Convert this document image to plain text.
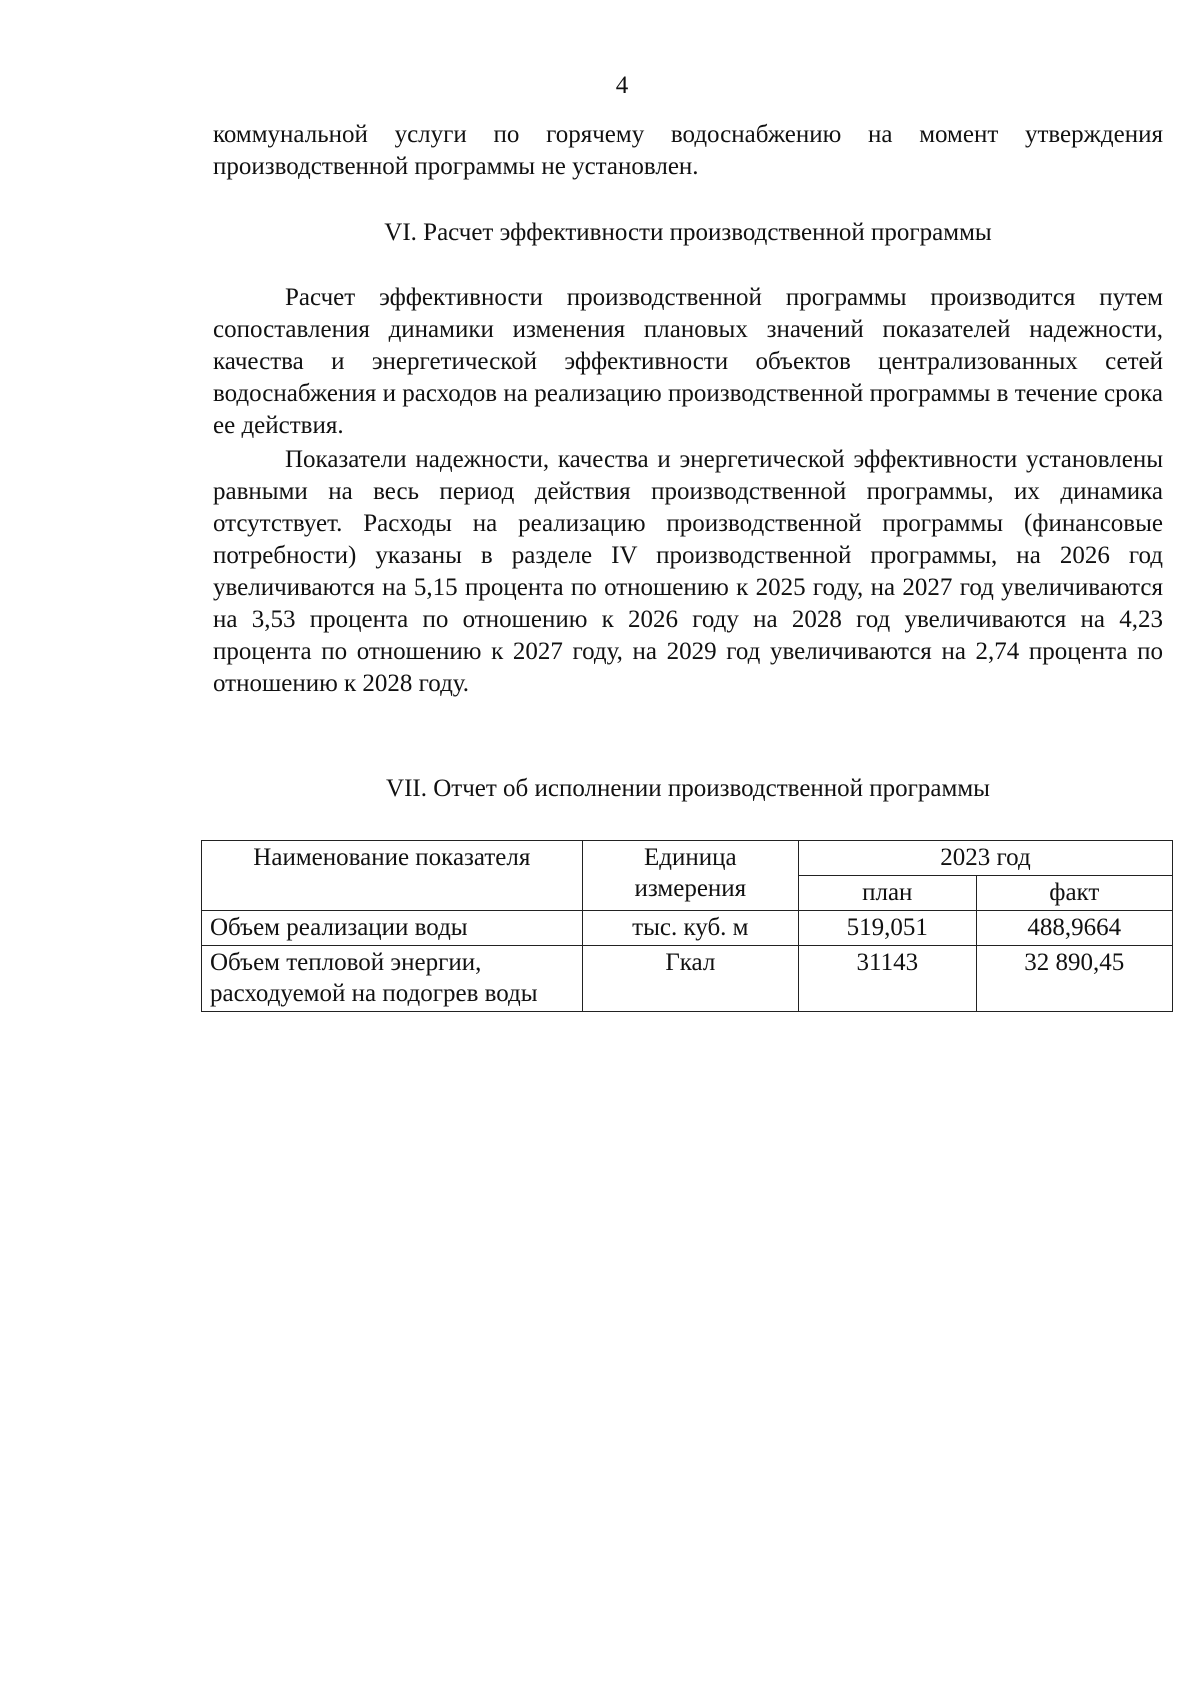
4

коммунальной услуги по горячему водоснабжению на момент утверждения производственной программы не установлен.

VI. Расчет эффективности производственной программы

Расчет эффективности производственной программы производится путем сопоставления динамики изменения плановых значений показателей надежности, качества и энергетической эффективности объектов централизованных сетей водоснабжения и расходов на реализацию производственной программы в течение срока ее действия.

Показатели надежности, качества и энергетической эффективности установлены равными на весь период действия производственной программы, их динамика отсутствует. Расходы на реализацию производственной программы (финансовые потребности) указаны в разделе IV производственной программы, на 2026 год увеличиваются на 5,15 процента по отношению к 2025 году, на 2027 год увеличиваются на 3,53 процента по отношению к 2026 году на 2028 год увеличиваются на 4,23 процента по отношению к 2027 году, на 2029 год увеличиваются на 2,74 процента по отношению к 2028 году.

VII. Отчет об исполнении производственной программы
Наименование показателя	Единица измерения	2023 год	
		план	факт
Объем реализации воды	тыс. куб. м	519,051	488,9664
Объем тепловой энергии, расходуемой на подогрев воды	Гкал	31143	32 890,45
